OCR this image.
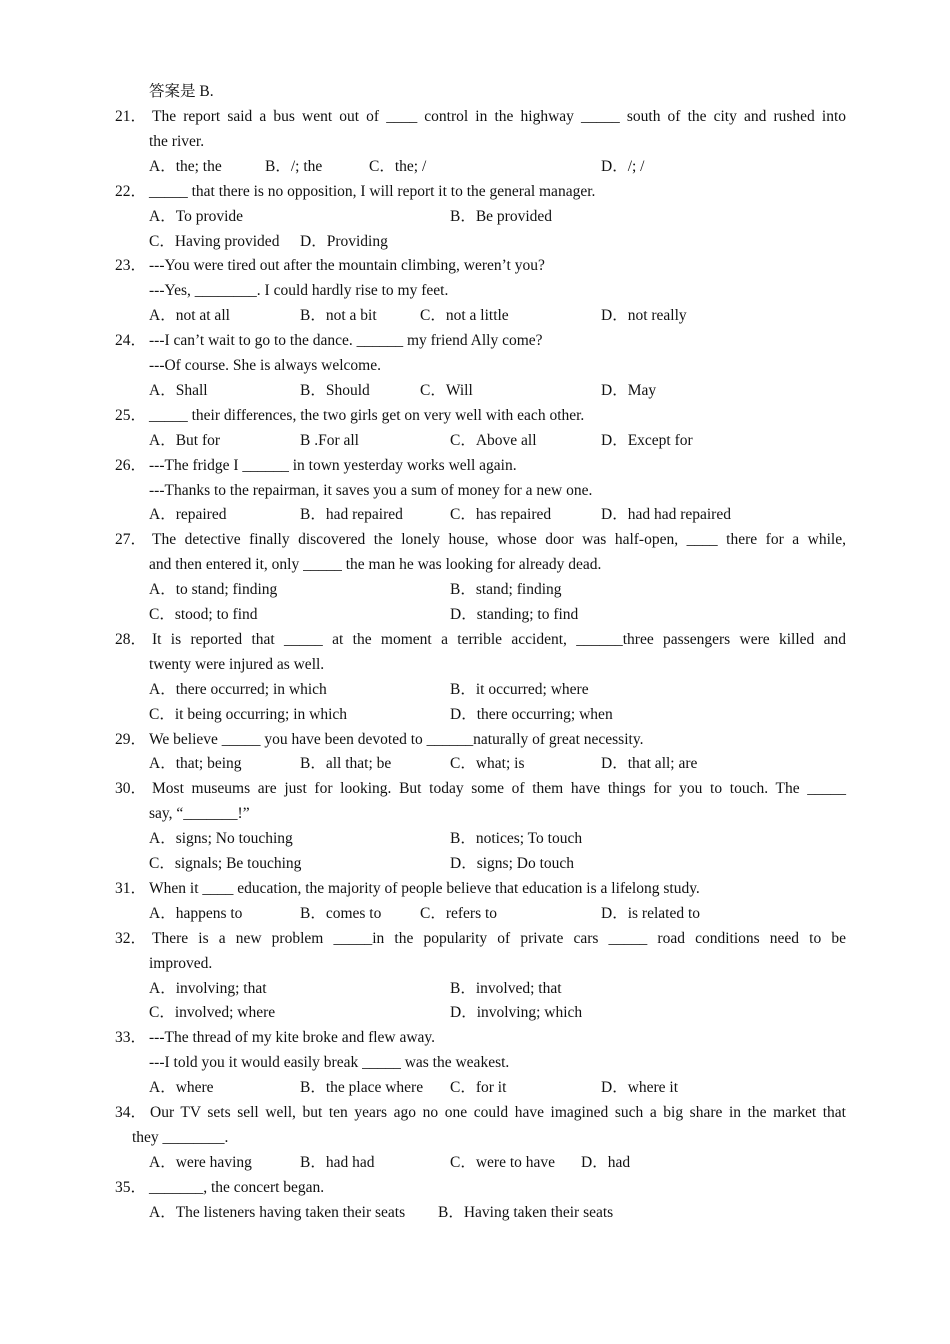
答案是 B.
21． The report said a bus went out of ____ control in the highway _____ south of the city and rushed into
the river.
A．the; the	B．/; the	C．the; /	D．/; /
22． _____ that there is no opposition, I will report it to the general manager.
A．To provide	B．Be provided
C．Having provided D．Providing
23． ---You were tired out after the mountain climbing, weren’t you?
---Yes, ________. I could hardly rise to my feet.
A．not at all	B．not a bit	C．not a little	D．not really
24． ---I can’t wait to go to the dance. ______ my friend Ally come?
---Of course. She is always welcome.
A．Shall	B．Should	C．Will	D．May
25． _____ their differences, the two girls get on very well with each other.
A．But for	B .For all	C．Above all	D．Except for
26． ---The fridge I ______ in town yesterday works well again.
---Thanks to the repairman, it saves you a sum of money for a new one.
A．repaired	B．had repaired	C．has repaired	D．had had repaired
27． The detective finally discovered the lonely house, whose door was half-open, ____ there for a while,
and then entered it, only _____ the man he was looking for already dead.
A．to stand; finding	B．stand; finding
C．stood; to find	D．standing; to find
28． It is reported that _____ at the moment a terrible accident, ______three passengers were killed and
twenty were injured as well.
A．there occurred; in which	B．it occurred; where
C．it being occurring; in which	D．there occurring; when
29． We believe _____ you have been devoted to ______naturally of great necessity.
A．that; being	B．all that; be	C．what; is	D．that all; are
30． Most museums are just for looking. But today some of them have things for you to touch. The _____
say, “_______!”
A．signs; No touching	B．notices; To touch
C．signals; Be touching	D．signs; Do touch
31． When it ____ education, the majority of people believe that education is a lifelong study.
A．happens to	B．comes to C．refers to	D．is related to
32． There is a new problem _____in the popularity of private cars _____ road conditions need to be
improved.
A．involving; that	B．involved; that
C．involved; where	D．involving; which
33． ---The thread of my kite broke and flew away.
---I told you it would easily break _____ was the weakest.
A．where	B．the place where C．for it	D．where it
34． Our TV sets sell well, but ten years ago no one could have imagined such a big share in the market that
they ________.
A．were having	B．had had	C．were to have D．had
35． _______, the concert began.
A．The listeners having taken their seats B．Having taken their seats
